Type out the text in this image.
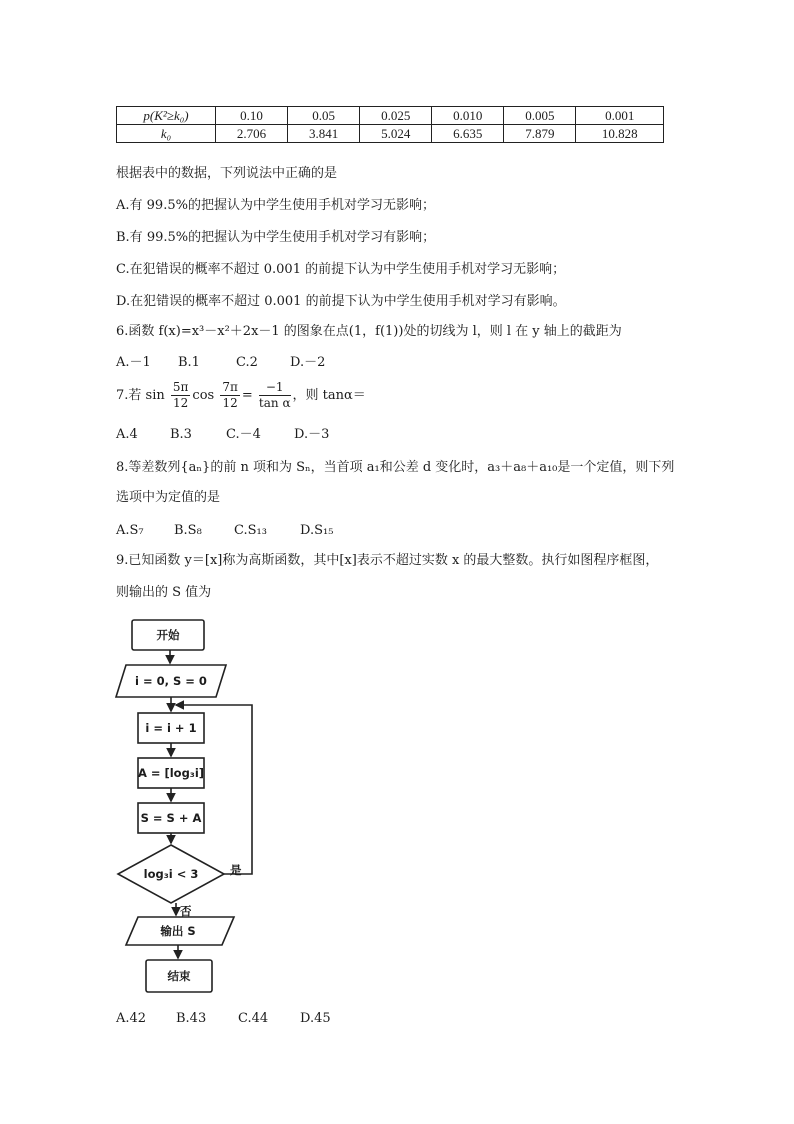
p(K²≥k₀)	0.10	0.05	0.025	0.010	0.005	0.001
k₀	2.706	3.841	5.024	6.635	7.879	10.828
根据表中的数据，下列说法中正确的是
A.有 99.5%的把握认为中学生使用手机对学习无影响；
B.有 99.5%的把握认为中学生使用手机对学习有影响；
C.在犯错误的概率不超过 0.001 的前提下认为中学生使用手机对学习无影响；
D.在犯错误的概率不超过 0.001 的前提下认为中学生使用手机对学习有影响。
6.函数 f(x)=x³－x²＋2x－1 的图象在点(1，f(1))处的切线为 l，则 l 在 y 轴上的截距为
A.－1 B.1	C.2 D.－2
7.若 $\sin \frac{5\pi}{12}$ $\cos \frac{7\pi}{12} = \frac{-1}{\text{tan α}}$ ，则 tanα＝
A.4 B.3	C.－4	D.－3
8.等差数列{aₙ}的前 n 项和为 Sₙ，当首项 a₁和公差 d 变化时，a₃＋a₈＋a₁₀是一个定值，则下列
选项中为定值的是
A.S₇ B.S₈ C.S₁₃	D.S₁₅
9.已知函数 y＝[x]称为高斯函数，其中[x]表示不超过实数 x 的最大整数。执行如图程序框图，
则输出的 S 值为
开始
i = 0, S = 0
i = i + 1
A = [log₃i]
S = S + A
log₃i < 3	是
否
输出 S
结束
A.42 B.43 C.44 D.45
